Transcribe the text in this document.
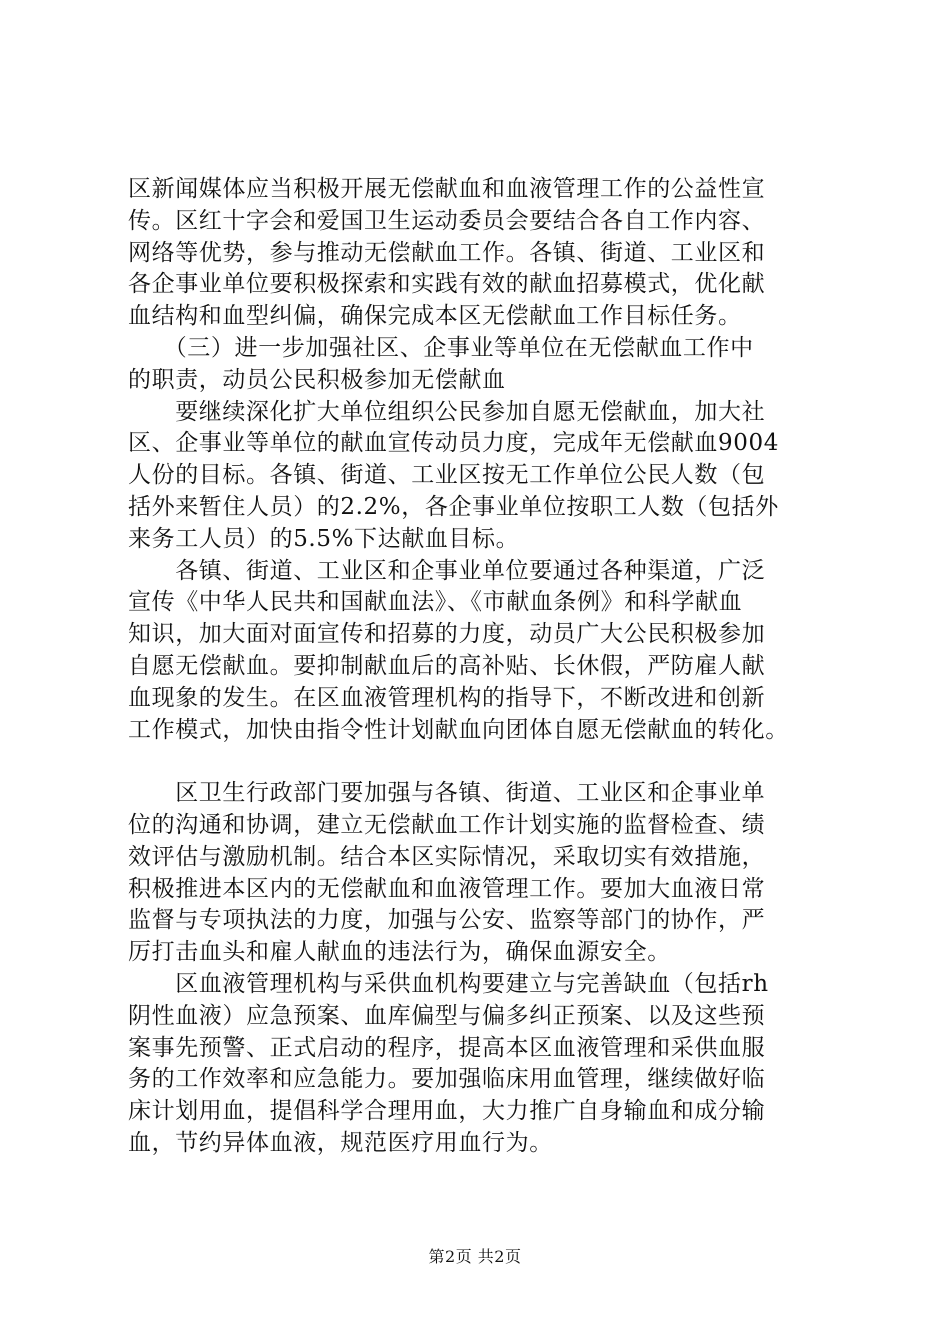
区新闻媒体应当积极开展无偿献血和血液管理工作的公益性宣
传。区红十字会和爱国卫生运动委员会要结合各自工作内容、
网络等优势，参与推动无偿献血工作。各镇、街道、工业区和
各企事业单位要积极探索和实践有效的献血招募模式，优化献
血结构和血型纠偏，确保完成本区无偿献血工作目标任务。
　　（三）进一步加强社区、企事业等单位在无偿献血工作中
的职责，动员公民积极参加无偿献血
　　要继续深化扩大单位组织公民参加自愿无偿献血，加大社
区、企事业等单位的献血宣传动员力度，完成年无偿献血9004
人份的目标。各镇、街道、工业区按无工作单位公民人数（包
括外来暂住人员）的2.2%，各企事业单位按职工人数（包括外
来务工人员）的5.5%下达献血目标。
　　各镇、街道、工业区和企事业单位要通过各种渠道，广泛
宣传《中华人民共和国献血法》、《市献血条例》和科学献血
知识，加大面对面宣传和招募的力度，动员广大公民积极参加
自愿无偿献血。要抑制献血后的高补贴、长休假，严防雇人献
血现象的发生。在区血液管理机构的指导下，不断改进和创新
工作模式，加快由指令性计划献血向团体自愿无偿献血的转化。
　　区卫生行政部门要加强与各镇、街道、工业区和企事业单
位的沟通和协调，建立无偿献血工作计划实施的监督检查、绩
效评估与激励机制。结合本区实际情况，采取切实有效措施，
积极推进本区内的无偿献血和血液管理工作。要加大血液日常
监督与专项执法的力度，加强与公安、监察等部门的协作，严
厉打击血头和雇人献血的违法行为，确保血源安全。
　　区血液管理机构与采供血机构要建立与完善缺血（包括rh
阴性血液）应急预案、血库偏型与偏多纠正预案、以及这些预
案事先预警、正式启动的程序，提高本区血液管理和采供血服
务的工作效率和应急能力。要加强临床用血管理，继续做好临
床计划用血，提倡科学合理用血，大力推广自身输血和成分输
血，节约异体血液，规范医疗用血行为。
第2页 共2页
